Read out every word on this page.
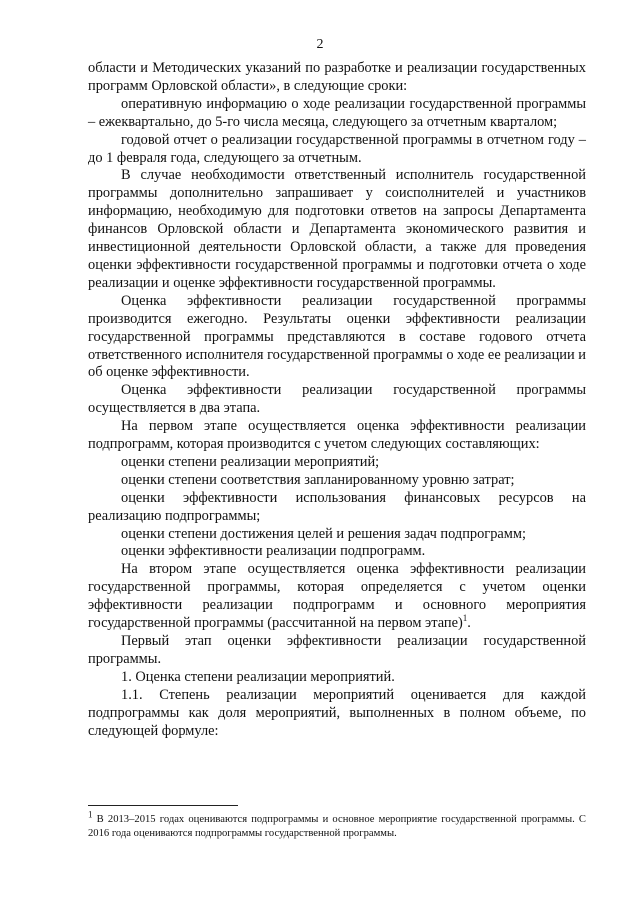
2

области и Методических указаний по разработке и реализации государственных программ Орловской области», в следующие сроки:

оперативную информацию о ходе реализации государственной программы – ежеквартально, до 5-го числа месяца, следующего за отчетным кварталом;

годовой отчет о реализации государственной программы в отчетном году – до 1 февраля года, следующего за отчетным.

В случае необходимости ответственный исполнитель государственной программы дополнительно запрашивает у соисполнителей и участников информацию, необходимую для подготовки ответов на запросы Департамента финансов Орловской области и Департамента экономического развития и инвестиционной деятельности Орловской области, а также для проведения оценки эффективности государственной программы и подготовки отчета о ходе реализации и оценке эффективности государственной программы.

Оценка эффективности реализации государственной программы производится ежегодно. Результаты оценки эффективности реализации государственной программы представляются в составе годового отчета ответственного исполнителя государственной программы о ходе ее реализации и об оценке эффективности.

Оценка эффективности реализации государственной программы осуществляется в два этапа.

На первом этапе осуществляется оценка эффективности реализации подпрограмм, которая производится с учетом следующих составляющих:

оценки степени реализации мероприятий;

оценки степени соответствия запланированному уровню затрат;

оценки эффективности использования финансовых ресурсов на реализацию подпрограммы;

оценки степени достижения целей и решения задач подпрограмм;

оценки эффективности реализации подпрограмм.

На втором этапе осуществляется оценка эффективности реализации государственной программы, которая определяется с учетом оценки эффективности реализации подпрограмм и основного мероприятия государственной программы (рассчитанной на первом этапе)$^1$.

Первый этап оценки эффективности реализации государственной программы.

1. Оценка степени реализации мероприятий.

1.1. Степень реализации мероприятий оценивается для каждой подпрограммы как доля мероприятий, выполненных в полном объеме, по следующей формуле:

$^1$ В 2013–2015 годах оцениваются подпрограммы и основное мероприятие государственной программы. С 2016 года оцениваются подпрограммы государственной программы.
